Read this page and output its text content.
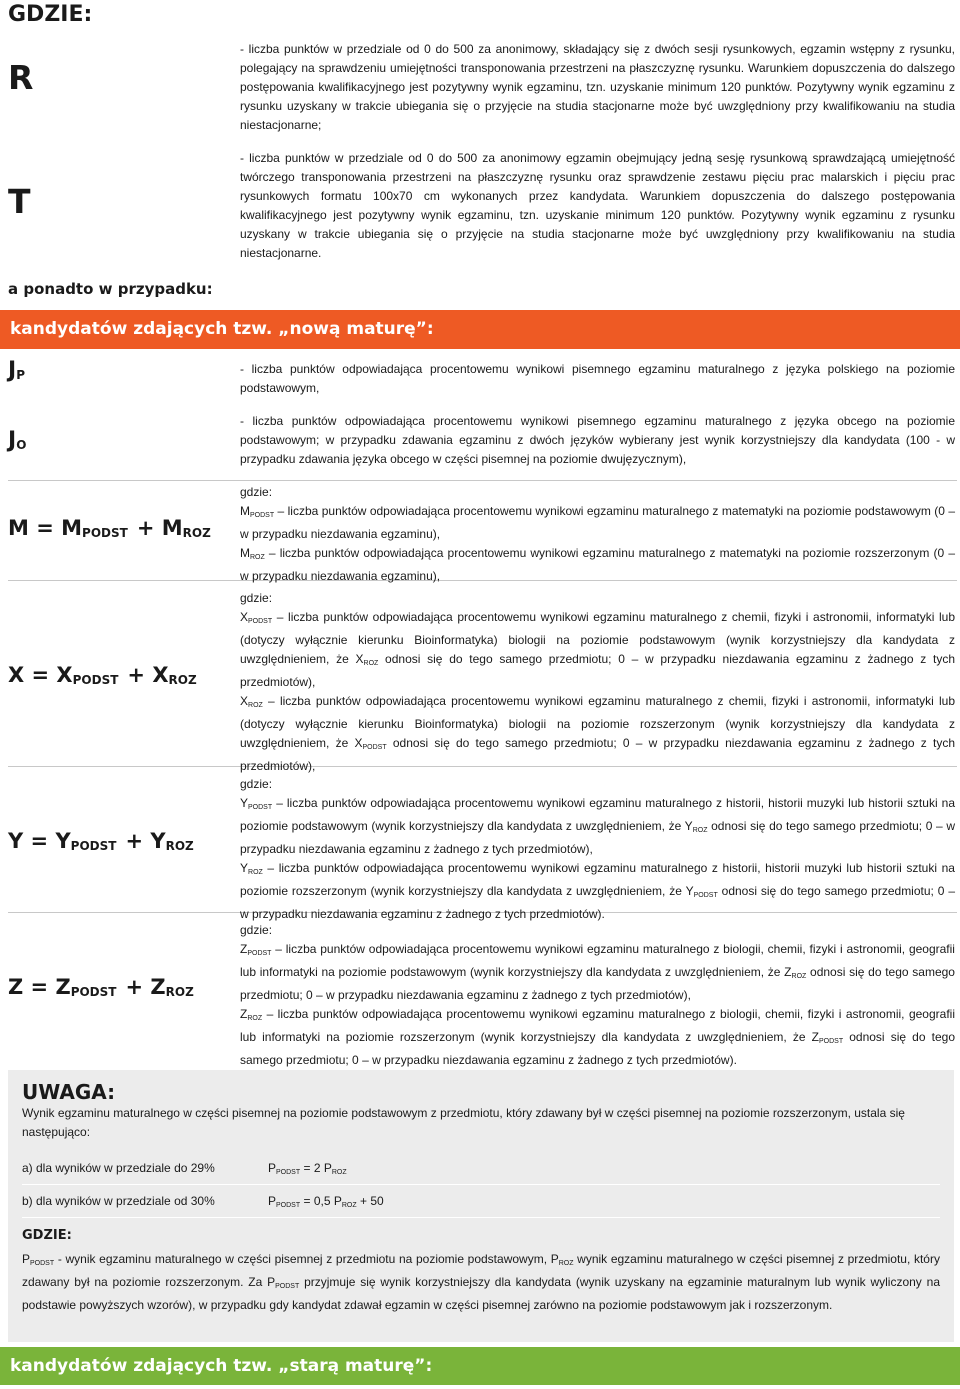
GDZIE:
R

- liczba punktów w przedziale od 0 do 500 za anonimowy, składający się z dwóch sesji rysunkowych, egzamin wstępny z rysunku, polegający na sprawdzeniu umiejętności transponowania przestrzeni na płaszczyznę rysunku. Warunkiem dopuszczenia do dalszego postępowania kwalifikacyjnego jest pozytywny wynik egzaminu, tzn. uzyskanie minimum 120 punktów. Pozytywny wynik egzaminu z rysunku uzyskany w trakcie ubiegania się o przyjęcie na studia stacjonarne może być uwzględniony przy kwalifikowaniu na studia niestacjonarne;

T

- liczba punktów w przedziale od 0 do 500 za anonimowy egzamin obejmujący jedną sesję rysunkową sprawdzającą umiejętność twórczego transponowania przestrzeni na płaszczyznę rysunku oraz sprawdzenie zestawu pięciu prac malarskich i pięciu prac rysunkowych formatu 100x70 cm wykonanych przez kandydata. Warunkiem dopuszczenia do dalszego postępowania kwalifikacyjnego jest pozytywny wynik egzaminu, tzn. uzyskanie minimum 120 punktów. Pozytywny wynik egzaminu z rysunku uzyskany w trakcie ubiegania się o przyjęcie na studia stacjonarne może być uwzględniony przy kwalifikowaniu na studia niestacjonarne.

a ponadto w przypadku:
kandydatów zdających tzw. „nową maturę”:
$J_P$	- liczba punktów odpowiadająca procentowemu wynikowi pisemnego egzaminu maturalnego z języka polskiego na poziomie podstawowym,

$J_O$

- liczba punktów odpowiadająca procentowemu wynikowi pisemnego egzaminu maturalnego z języka obcego na poziomie podstawowym; w przypadku zdawania egzaminu z dwóch języków wybierany jest wynik korzystniejszy dla kandydata (100 - w przypadku zdawania języka obcego w części pisemnej na poziomie dwujęzycznym),

$M = M_{PODST} + M_{ROZ}$
gdzie:

$M_{PODST}$ – liczba punktów odpowiadająca procentowemu wynikowi egzaminu maturalnego z matematyki na poziomie podstawowym (0 – w przypadku niezdawania egzaminu),

$M_{ROZ}$ – liczba punktów odpowiadająca procentowemu wynikowi egzaminu maturalnego z matematyki na poziomie rozszerzonym (0 – w przypadku niezdawania egzaminu),

$X = X_{PODST} + X_{ROZ}$
gdzie:

$X_{PODST}$ – liczba punktów odpowiadająca procentowemu wynikowi egzaminu maturalnego z chemii, fizyki i astronomii, informatyki lub (dotyczy wyłącznie kierunku Bioinformatyka) biologii na poziomie podstawowym (wynik korzystniejszy dla kandydata z uwzględnieniem, że $X_{ROZ}$ odnosi się do tego samego przedmiotu; 0 – w przypadku niezdawania egzaminu z żadnego z tych przedmiotów),

$X_{ROZ}$ – liczba punktów odpowiadająca procentowemu wynikowi egzaminu maturalnego z chemii, fizyki i astronomii, informatyki lub (dotyczy wyłącznie kierunku Bioinformatyka) biologii na poziomie rozszerzonym (wynik korzystniejszy dla kandydata z uwzględnieniem, że $X_{PODST}$ odnosi się do tego samego przedmiotu; 0 – w przypadku niezdawania egzaminu z żadnego z tych przedmiotów),

$Y = Y_{PODST} + Y_{ROZ}$
gdzie:

$Y_{PODST}$ – liczba punktów odpowiadająca procentowemu wynikowi egzaminu maturalnego z historii, historii muzyki lub historii sztuki na poziomie podstawowym (wynik korzystniejszy dla kandydata z uwzględnieniem, że $Y_{ROZ}$ odnosi się do tego samego przedmiotu; 0 – w przypadku niezdawania egzaminu z żadnego z tych przedmiotów),

$Y_{ROZ}$ – liczba punktów odpowiadająca procentowemu wynikowi egzaminu maturalnego z historii, historii muzyki lub historii sztuki na poziomie rozszerzonym (wynik korzystniejszy dla kandydata z uwzględnieniem, że $Y_{PODST}$ odnosi się do tego samego przedmiotu; 0 – w przypadku niezdawania egzaminu z żadnego z tych przedmiotów).

$Z = Z_{PODST} + Z_{ROZ}$
gdzie:

$Z_{PODST}$ – liczba punktów odpowiadająca procentowemu wynikowi egzaminu maturalnego z biologii, chemii, fizyki i astronomii, geografii lub informatyki na poziomie podstawowym (wynik korzystniejszy dla kandydata z uwzględnieniem, że $Z_{ROZ}$ odnosi się do tego samego przedmiotu; 0 – w przypadku niezdawania egzaminu z żadnego z tych przedmiotów),

$Z_{ROZ}$ – liczba punktów odpowiadająca procentowemu wynikowi egzaminu maturalnego z biologii, chemii, fizyki i astronomii, geografii lub informatyki na poziomie rozszerzonym (wynik korzystniejszy dla kandydata z uwzględnieniem, że $Z_{PODST}$ odnosi się do tego samego przedmiotu; 0 – w przypadku niezdawania egzaminu z żadnego z tych przedmiotów).

UWAGA:

Wynik egzaminu maturalnego w części pisemnej na poziomie podstawowym z przedmiotu, który zdawany był w części pisemnej na poziomie rozszerzonym, ustala się następująco:

a) dla wyników w przedziale do 29%	$P_{PODST} = 2$ $P_{ROZ}$
b) dla wyników w przedziale od 30%	$P_{PODST} = 0,5$ $P_{ROZ} + 50$
GDZIE:

$P_{PODST}$ - wynik egzaminu maturalnego w części pisemnej z przedmiotu na poziomie podstawowym, $P_{ROZ}$ wynik egzaminu maturalnego w części pisemnej z przedmiotu, który zdawany był na poziomie rozszerzonym. Za $P_{PODST}$ przyjmuje się wynik korzystniejszy dla kandydata (wynik uzyskany na egzaminie maturalnym lub wynik wyliczony na podstawie powyższych wzorów), w przypadku gdy kandydat zdawał egzamin w części pisemnej zarówno na poziomie podstawowym jak i rozszerzonym.

kandydatów zdających tzw. „starą maturę”:
